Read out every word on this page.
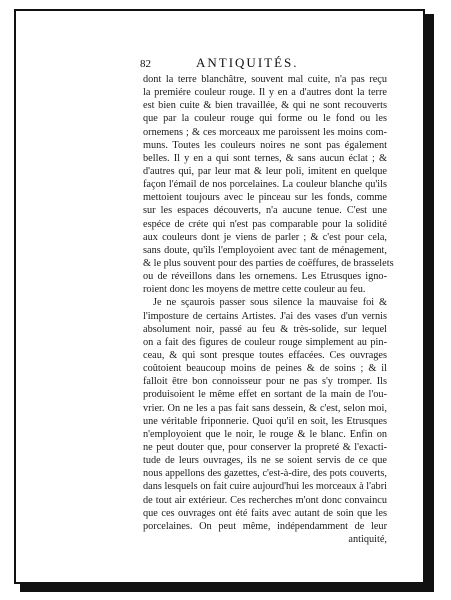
82	ANTIQUITÉS.
dont la terre blanchâtre, souvent mal cuite, n'a pas reçu
la premiére couleur rouge. Il y en a d'autres dont la terre
est bien cuite & bien travaillée, & qui ne sont recouverts
que par la couleur rouge qui forme ou le fond ou les
ornemens ; & ces morceaux me paroissent les moins com-
muns. Toutes les couleurs noires ne sont pas également
belles. Il y en a qui sont ternes, & sans aucun éclat ; &
d'autres qui, par leur mat & leur poli, imitent en quelque
façon l'émail de nos porcelaines. La couleur blanche qu'ils
mettoient toujours avec le pinceau sur les fonds, comme
sur les espaces découverts, n'a aucune tenue. C'est une
espéce de créte qui n'est pas comparable pour la solidité
aux couleurs dont je viens de parler ; & c'est pour cela,
sans doute, qu'ils l'employoient avec tant de ménagement,
& le plus souvent pour des parties de coëffures, de brasselets
ou de réveillons dans les ornemens. Les Etrusques igno-
roient donc les moyens de mettre cette couleur au feu.
Je ne sçaurois passer sous silence la mauvaise foi &
l'imposture de certains Artistes. J'ai des vases d'un vernis
absolument noir, passé au feu & très-solide, sur lequel
on a fait des figures de couleur rouge simplement au pin-
ceau, & qui sont presque toutes effacées. Ces ouvrages
coûtoient beaucoup moins de peines & de soins ; & il
falloit être bon connoisseur pour ne pas s'y tromper. Ils
produisoient le même effet en sortant de la main de l'ou-
vrier. On ne les a pas fait sans dessein, & c'est, selon moi,
une véritable friponnerie. Quoi qu'il en soit, les Etrusques
n'employoient que le noir, le rouge & le blanc. Enfin on
ne peut douter que, pour conserver la propreté & l'exacti-
tude de leurs ouvrages, ils ne se soient servis de ce que
nous appellons des gazettes, c'est-à-dire, des pots couverts,
dans lesquels on fait cuire aujourd'hui les morceaux à l'abri
de tout air extérieur. Ces recherches m'ont donc convaincu
que ces ouvrages ont été faits avec autant de soin que les
porcelaines. On peut même, indépendamment de leur
antiquité,
